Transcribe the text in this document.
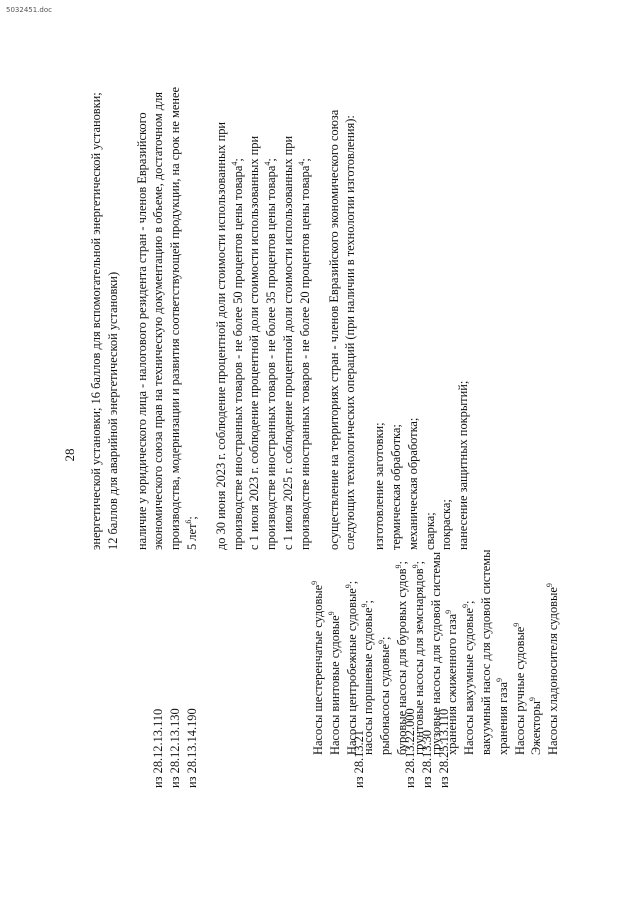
5032451.doc
28
из 28.12.13.110 из 28.12.13.130 из 28.13.14.190	из 28.13.21	из 28.13.22.000 из 28.13.30 из 28.25.13.110
Насосы шестеренчатые судовые$^9$
Насосы винтовые судовые$^9$ Насосы центробежные судовые$^9$;
насосы поршневые судовые$^9$;
рыбонасосы судовые$^9$; буровые насосы для буровых судов$^9$;
грунтовые насосы для земснарядов$^9$; грузовые насосы для судовой системы хранения сжиженного газа$^9$ Насосы вакуумные судовые$^9$; вакуумный насос для судовой системы хранения газа$^9$ Насосы ручные судовые$^9$
Эжекторы$^9$ Насосы хладоносителя судовые$^9$

энергетической установки; 16 баллов для вспомогательной энергетической установки; 12 баллов для аварийной энергетической установки) наличие у юридического лица - налогового резидента стран - членов Евразийского экономического союза прав на техническую документацию в объеме, достаточном для производства, модернизации и развития соответствующей продукции, на срок не менее 5 лет$^6$; до 30 июня 2023 г. соблюдение процентной доли стоимости использованных при производстве иностранных товаров - не более 50 процентов цены товара$^4$; с 1 июля 2023 г. соблюдение процентной доли стоимости использованных при производстве иностранных товаров - не более 35 процентов цены товара$^4$; с 1 июля 2025 г. соблюдение процентной доли стоимости использованных при производстве иностранных товаров - не более 20 процентов цены товара$^4$; осуществление на территориях стран - членов Евразийского экономического союза следующих технологических операций (при наличии в технологии изготовления): изготовление заготовки; термическая обработка; механическая обработка; сварка; покраска; нанесение защитных покрытий;
